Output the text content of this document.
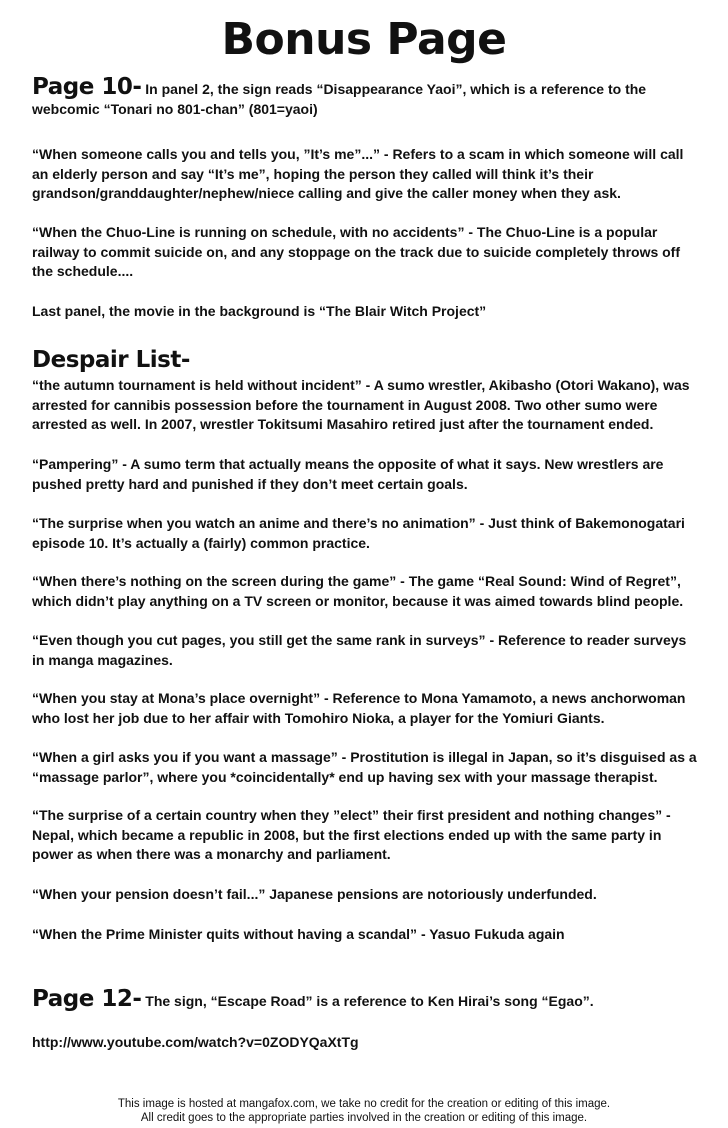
Bonus Page
Page 10- In panel 2, the sign reads “Disappearance Yaoi”, which is a reference to the webcomic “Tonari no 801-chan” (801=yaoi)
“When someone calls you and tells you, ”It’s me”...” - Refers to a scam in which someone will call an elderly person and say “It’s me”, hoping the person they called will think it’s their grandson/granddaughter/nephew/niece calling and give the caller money when they ask.
“When the Chuo-Line is running on schedule, with no accidents” - The Chuo-Line is a popular railway to commit suicide on, and any stoppage on the track due to suicide completely throws off the schedule....
Last panel, the movie in the background is “The Blair Witch Project”
Despair List-
“the autumn tournament is held without incident” - A sumo wrestler, Akibasho (Otori Wakano), was arrested for cannibis possession before the tournament in August 2008. Two other sumo were arrested as well. In 2007, wrestler Tokitsumi Masahiro retired just after the tournament ended.
“Pampering” - A sumo term that actually means the opposite of what it says. New wrestlers are pushed pretty hard and punished if they don’t meet certain goals.
“The surprise when you watch an anime and there’s no animation” - Just think of Bakemonogatari episode 10. It’s actually a (fairly) common practice.
“When there’s nothing on the screen during the game” - The game “Real Sound: Wind of Regret”, which didn’t play anything on a TV screen or monitor, because it was aimed towards blind people.
“Even though you cut pages, you still get the same rank in surveys” - Reference to reader surveys in manga magazines.
“When you stay at Mona’s place overnight” - Reference to Mona Yamamoto, a news anchorwoman who lost her job due to her affair with Tomohiro Nioka, a player for the Yomiuri Giants.
“When a girl asks you if you want a massage” - Prostitution is illegal in Japan, so it’s disguised as a “massage parlor”, where you *coincidentally* end up having sex with your massage therapist.
“The surprise of a certain country when they ”elect” their first president and nothing changes” - Nepal, which became a republic in 2008, but the first elections ended up with the same party in power as when there was a monarchy and parliament.
“When your pension doesn’t fail...” Japanese pensions are notoriously underfunded.
“When the Prime Minister quits without having a scandal” - Yasuo Fukuda again
Page 12- The sign, “Escape Road” is a reference to Ken Hirai’s song “Egao”.
http://www.youtube.com/watch?v=0ZODYQaXtTg
This image is hosted at mangafox.com, we take no credit for the creation or editing of this image.
All credit goes to the appropriate parties involved in the creation or editing of this image.
